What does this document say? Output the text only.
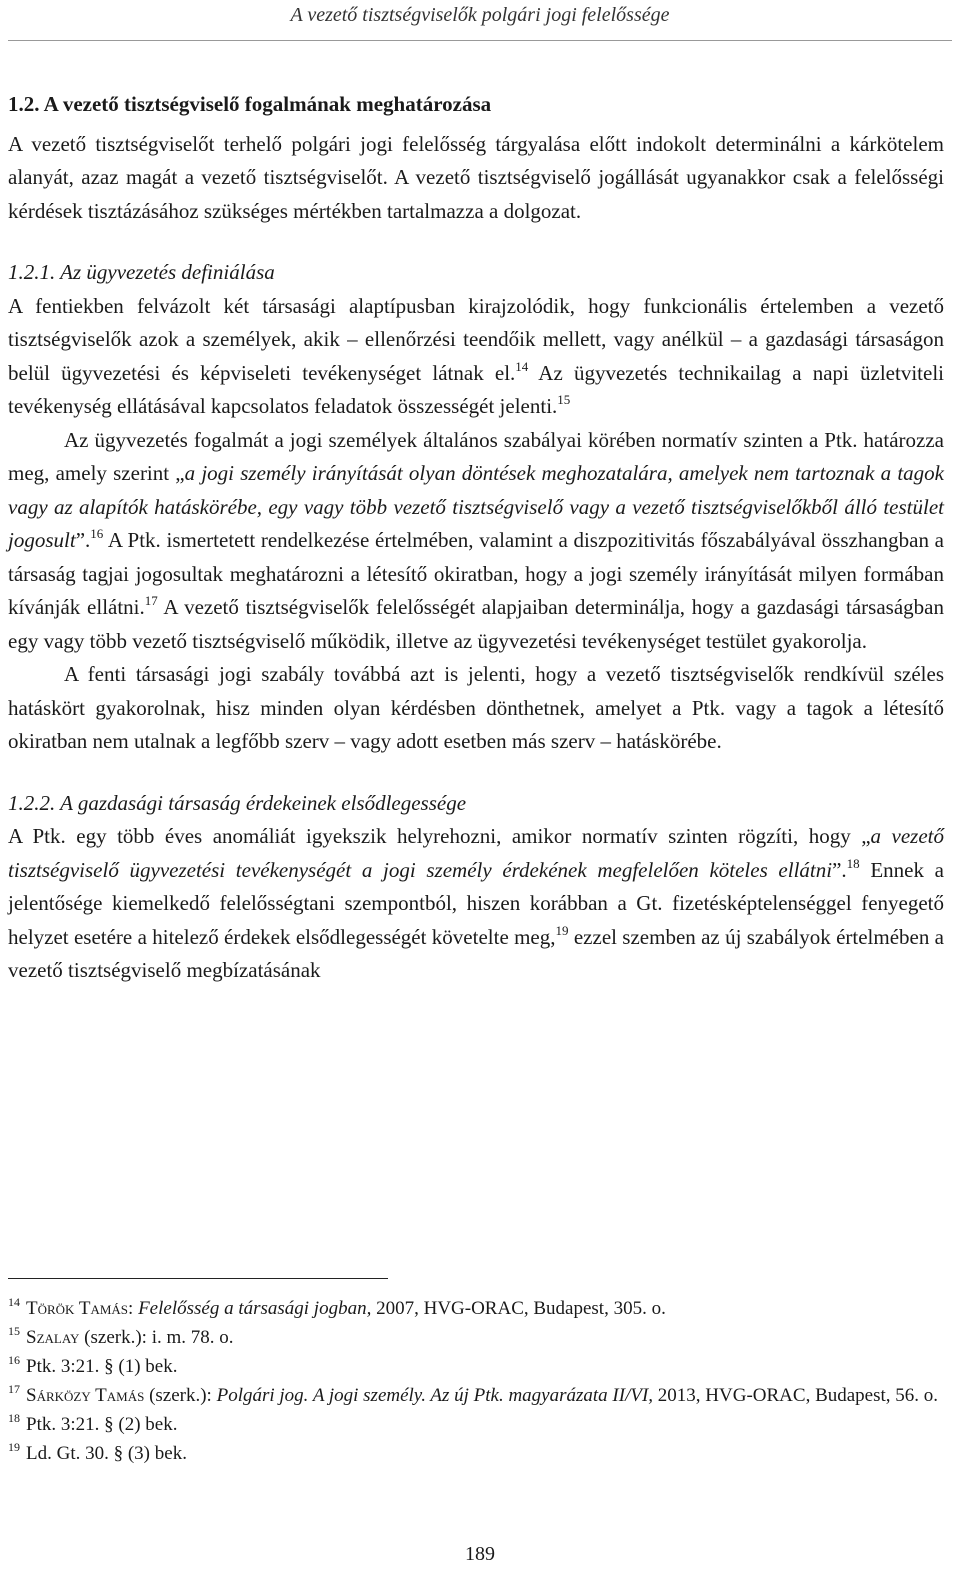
A vezető tisztségviselők polgári jogi felelőssége
1.2. A vezető tisztségviselő fogalmának meghatározása

A vezető tisztségviselőt terhelő polgári jogi felelősség tárgyalása előtt indokolt determinálni a kárkötelem alanyát, azaz magát a vezető tisztségviselőt. A vezető tisztségviselő jogállását ugyanakkor csak a felelősségi kérdések tisztázásához szükséges mértékben tartalmazza a dolgozat.

1.2.1. Az ügyvezetés definiálása

A fentiekben felvázolt két társasági alaptípusban kirajzolódik, hogy funkcionális értelemben a vezető tisztségviselők azok a személyek, akik – ellenőrzési teendőik mellett, vagy anélkül – a gazdasági társaságon belül ügyvezetési és képviseleti tevékenységet látnak el.$^{14}$ Az ügyvezetés technikailag a napi üzletviteli tevékenység ellátásával kapcsolatos feladatok összességét jelenti.$^{15}$

Az ügyvezetés fogalmát a jogi személyek általános szabályai körében normatív szinten a Ptk. határozza meg, amely szerint „a jogi személy irányítását olyan döntések meghozatalára, amelyek nem tartoznak a tagok vagy az alapítók hatáskörébe, egy vagy több vezető tisztségviselő vagy a vezető tisztségviselőkből álló testület jogosult”.$^{16}$ A Ptk. ismertetett rendelkezése értelmében, valamint a diszpozitivitás főszabályával összhangban a társaság tagjai jogosultak meghatározni a létesítő okiratban, hogy a jogi személy irányítását milyen formában kívánják ellátni.$^{17}$ A vezető tisztségviselők felelősségét alapjaiban determinálja, hogy a gazdasági társaságban egy vagy több vezető tisztségviselő működik, illetve az ügyvezetési tevékenységet testület gyakorolja.

A fenti társasági jogi szabály továbbá azt is jelenti, hogy a vezető tisztségviselők rendkívül széles hatáskört gyakorolnak, hisz minden olyan kérdésben dönthetnek, amelyet a Ptk. vagy a tagok a létesítő okiratban nem utalnak a legfőbb szerv – vagy adott esetben más szerv – hatáskörébe.

1.2.2. A gazdasági társaság érdekeinek elsődlegessége

A Ptk. egy több éves anomáliát igyekszik helyrehozni, amikor normatív szinten rögzíti, hogy „a vezető tisztségviselő ügyvezetési tevékenységét a jogi személy érdekének megfelelően köteles ellátni”.$^{18}$ Ennek a jelentősége kiemelkedő felelősségtani szempontból, hiszen korábban a Gt. fizetésképtelenséggel fenyegető helyzet esetére a hitelező érdekek elsődlegességét követelte meg,$^{19}$ ezzel szemben az új szabályok értelmében a vezető tisztségviselő megbízatásának

$^{14}$ Török Tamás: Felelősség a társasági jogban, 2007, HVG-ORAC, Budapest, 305. o.

$^{15}$ Szalay (szerk.): i. m. 78. o.

$^{16}$ Ptk. 3:21. § (1) bek.

$^{17}$ Sárközy Tamás (szerk.): Polgári jog. A jogi személy. Az új Ptk. magyarázata II/VI, 2013, HVG-ORAC, Budapest, 56. o.

$^{18}$ Ptk. 3:21. § (2) bek.

$^{19}$ Ld. Gt. 30. § (3) bek.

189
